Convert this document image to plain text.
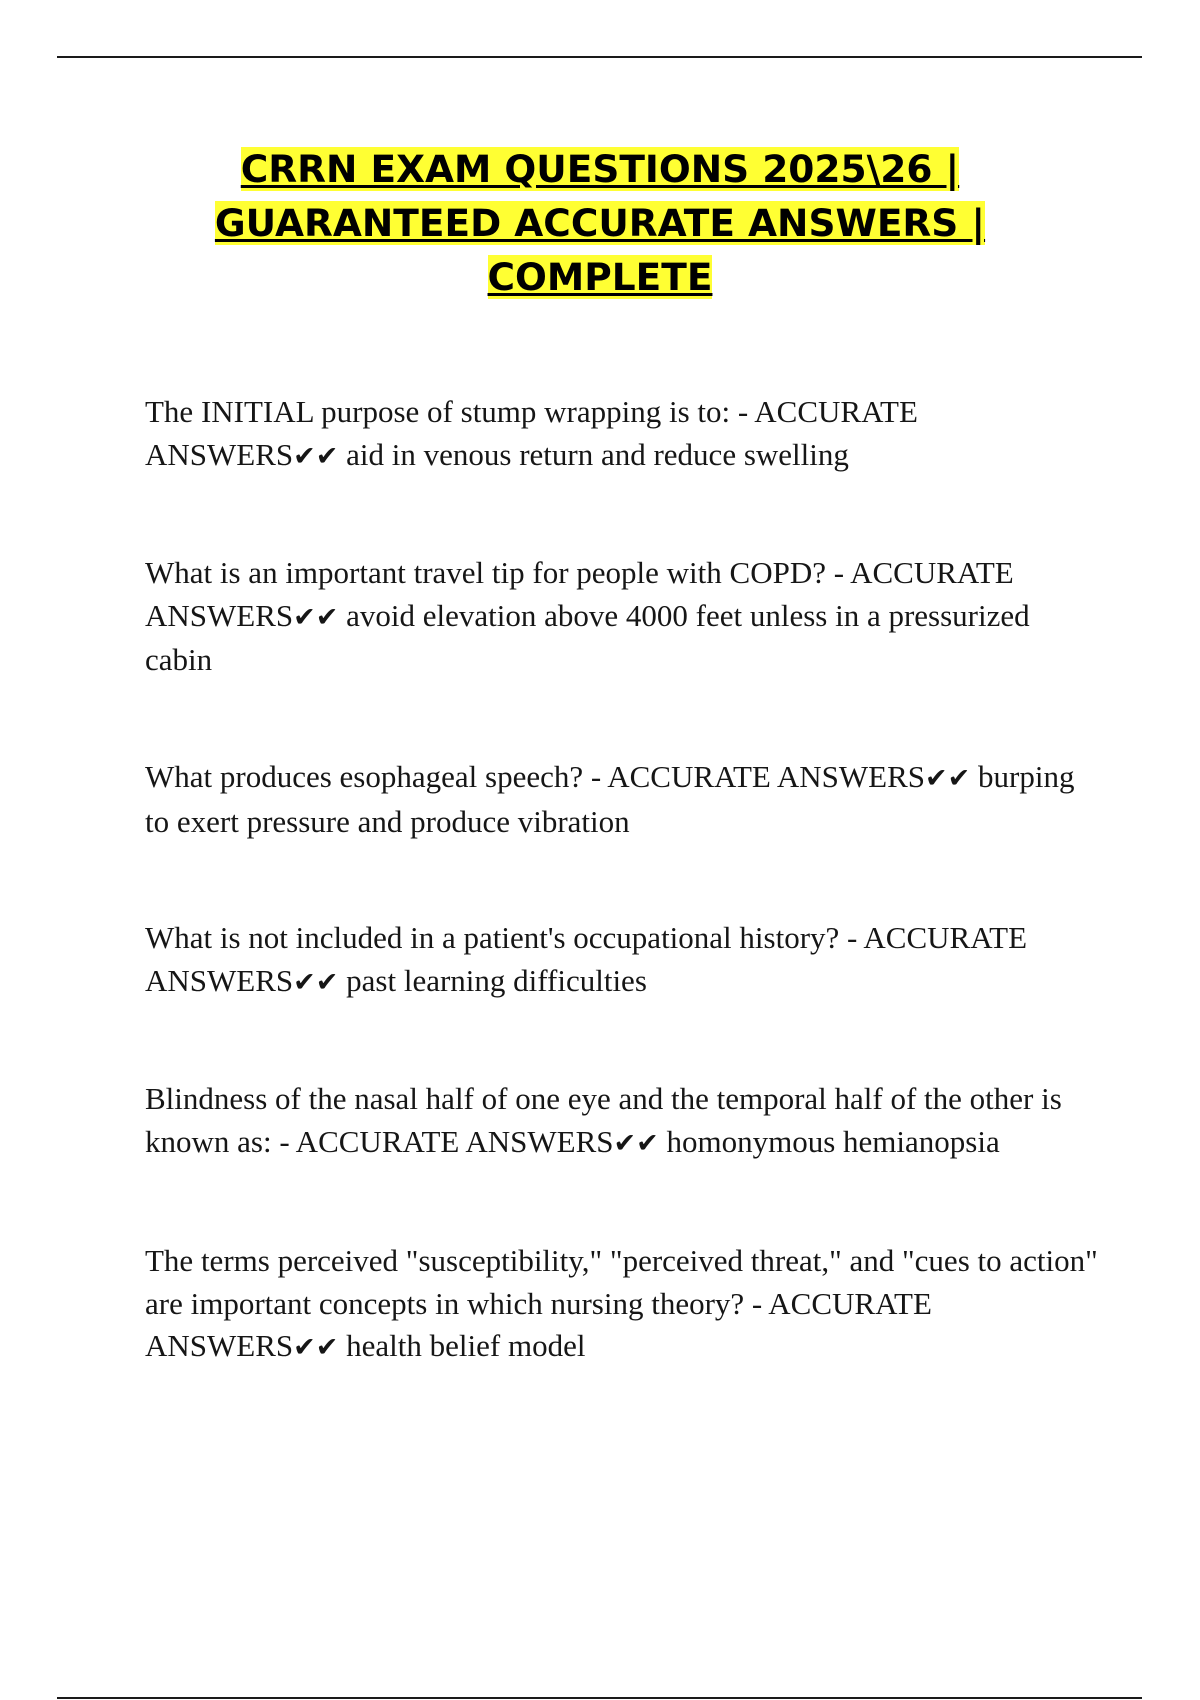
CRRN EXAM QUESTIONS 2025\26 |
GUARANTEED ACCURATE ANSWERS |
COMPLETE
The INITIAL purpose of stump wrapping is to: - ACCURATE ANSWERS✔✔ aid in venous return and reduce swelling
What is an important travel tip for people with COPD? - ACCURATE ANSWERS✔✔ avoid elevation above 4000 feet unless in a pressurized cabin
What produces esophageal speech? - ACCURATE ANSWERS✔✔ burping to exert pressure and produce vibration
What is not included in a patient's occupational history? - ACCURATE ANSWERS✔✔ past learning difficulties
Blindness of the nasal half of one eye and the temporal half of the other is known as: - ACCURATE ANSWERS✔✔ homonymous hemianopsia
The terms perceived "susceptibility," "perceived threat," and "cues to action" are important concepts in which nursing theory? - ACCURATE ANSWERS✔✔ health belief model
